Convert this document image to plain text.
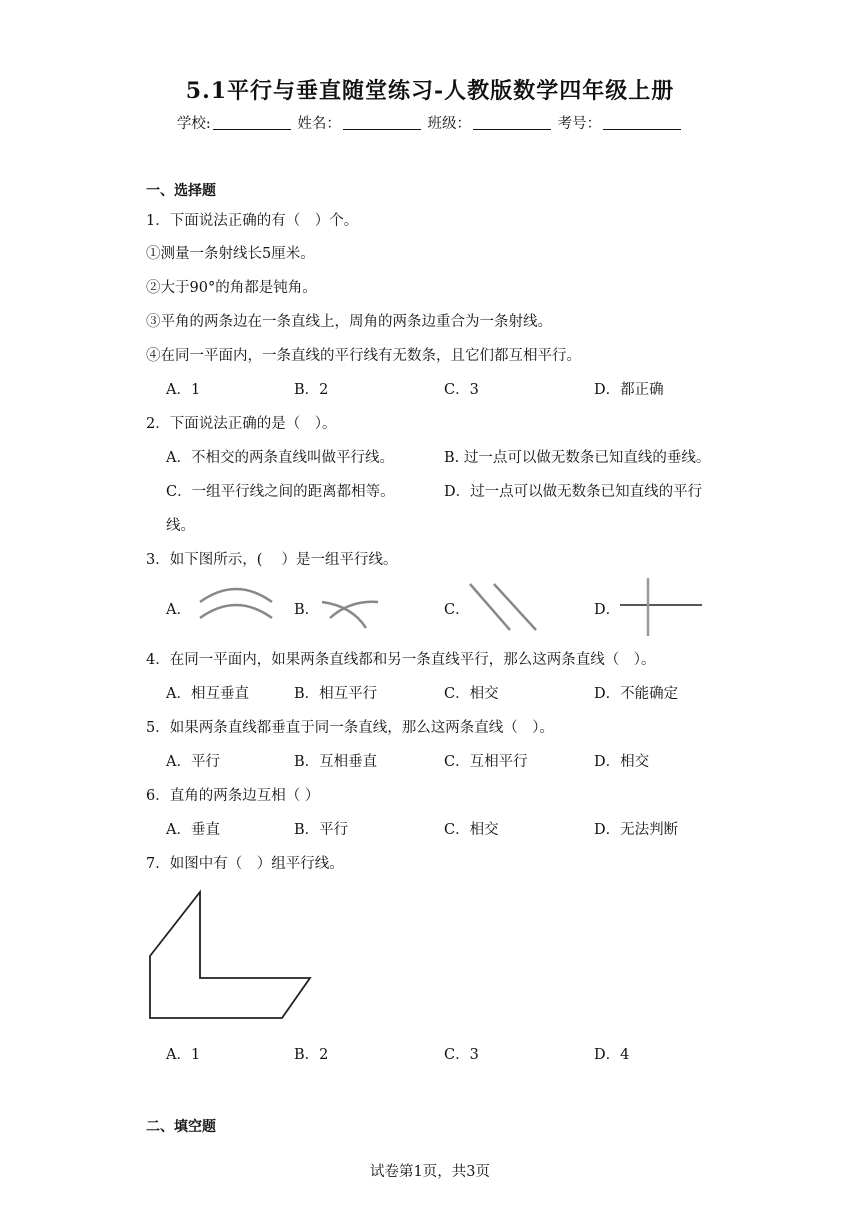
5.1平行与垂直随堂练习-人教版数学四年级上册
学校:	姓名：	班级：	考号：
一、选择题
1．下面说法正确的有（　）个。
①测量一条射线长5厘米。
②大于90°的角都是钝角。
③平角的两条边在一条直线上，周角的两条边重合为一条射线。
④在同一平面内，一条直线的平行线有无数条，且它们都互相平行。
A．1	B．2	C．3	D．都正确
2．下面说法正确的是（　）。
A．不相交的两条直线叫做平行线。	B. 过一点可以做无数条已知直线的垂线。
C．一组平行线之间的距离都相等。	D．过一点可以做无数条已知直线的平行
线。
3．如下图所示，(　 ）是一组平行线。
A．	B．	C．	D．
4．在同一平面内，如果两条直线都和另一条直线平行，那么这两条直线（　）。
A．相互垂直	B．相互平行	C．相交	D．不能确定
5．如果两条直线都垂直于同一条直线，那么这两条直线（　）。
A．平行	B．互相垂直	C．互相平行	D．相交
6．直角的两条边互相（ ）
A．垂直	B．平行	C．相交	D．无法判断
7．如图中有（　）组平行线。
A．1	B．2	C．3	D．4
二、填空题
试卷第1页，共3页
